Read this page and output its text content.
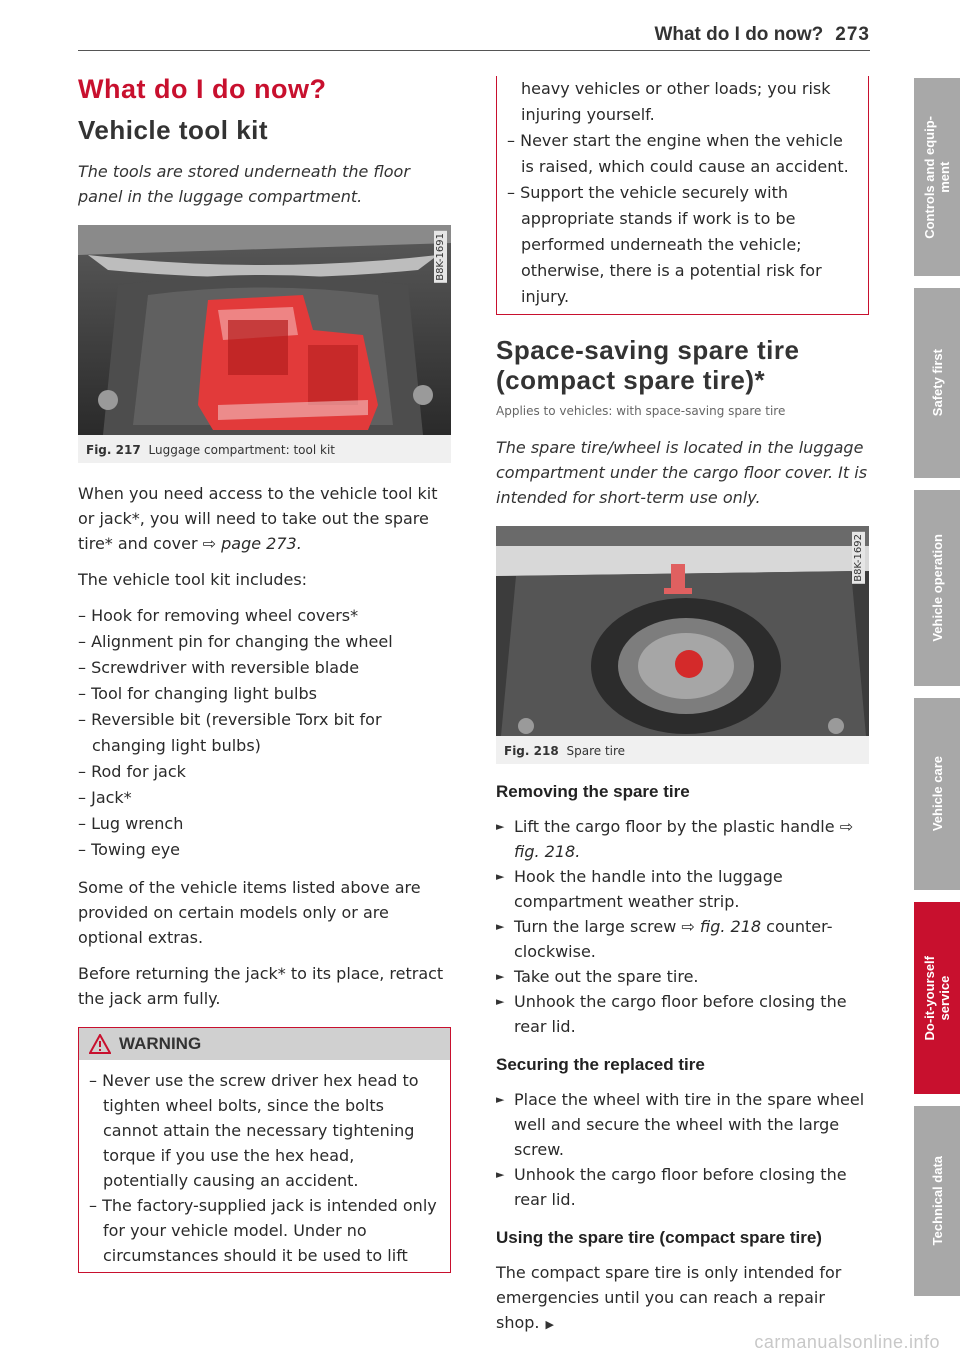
What do I do now? 273
What do I do now?
Vehicle tool kit
The tools are stored underneath the floor panel in the luggage compartment.
B8K-1691
Fig. 217 Luggage compartment: tool kit

When you need access to the vehicle tool kit or jack*, you will need to take out the spare tire* and cover ⇨ page 273.

The vehicle tool kit includes:

– Hook for removing wheel covers*
– Alignment pin for changing the wheel
– Screwdriver with reversible blade
– Tool for changing light bulbs
– Reversible bit (reversible Torx bit for changing light bulbs)
– Rod for jack
– Jack*
– Lug wrench
– Towing eye

Some of the vehicle items listed above are provided on certain models only or are optional extras.

Before returning the jack* to its place, retract the jack arm fully.

WARNING
– Never use the screw driver hex head to tighten wheel bolts, since the bolts cannot attain the necessary tightening torque if you use the hex head, potentially causing an accident.
– The factory-supplied jack is intended only for your vehicle model. Under no circumstances should it be used to lift
heavy vehicles or other loads; you risk injuring yourself.
– Never start the engine when the vehicle is raised, which could cause an accident.
– Support the vehicle securely with appropriate stands if work is to be performed underneath the vehicle; otherwise, there is a potential risk for injury.
Space-saving spare tire (compact spare tire)*
Applies to vehicles: with space-saving spare tire
The spare tire/wheel is located in the luggage compartment under the cargo floor cover. It is intended for short-term use only.
B8K-1692
Fig. 218 Spare tire
Removing the spare tire
► Lift the cargo floor by the plastic handle ⇨ fig. 218.
► Hook the handle into the luggage compartment weather strip.
► Turn the large screw ⇨ fig. 218 counter-clockwise.
► Take out the spare tire.
► Unhook the cargo floor before closing the rear lid.
Securing the replaced tire
► Place the wheel with tire in the spare wheel well and secure the wheel with the large screw.
► Unhook the cargo floor before closing the rear lid.
Using the spare tire (compact spare tire)

The compact spare tire is only intended for emergencies until you can reach a repair shop. ▶

Controls and equip-
ment
Safety first
Vehicle operation
Vehicle care
Do-it-yourself
service
Technical data
carmanualsonline.info
